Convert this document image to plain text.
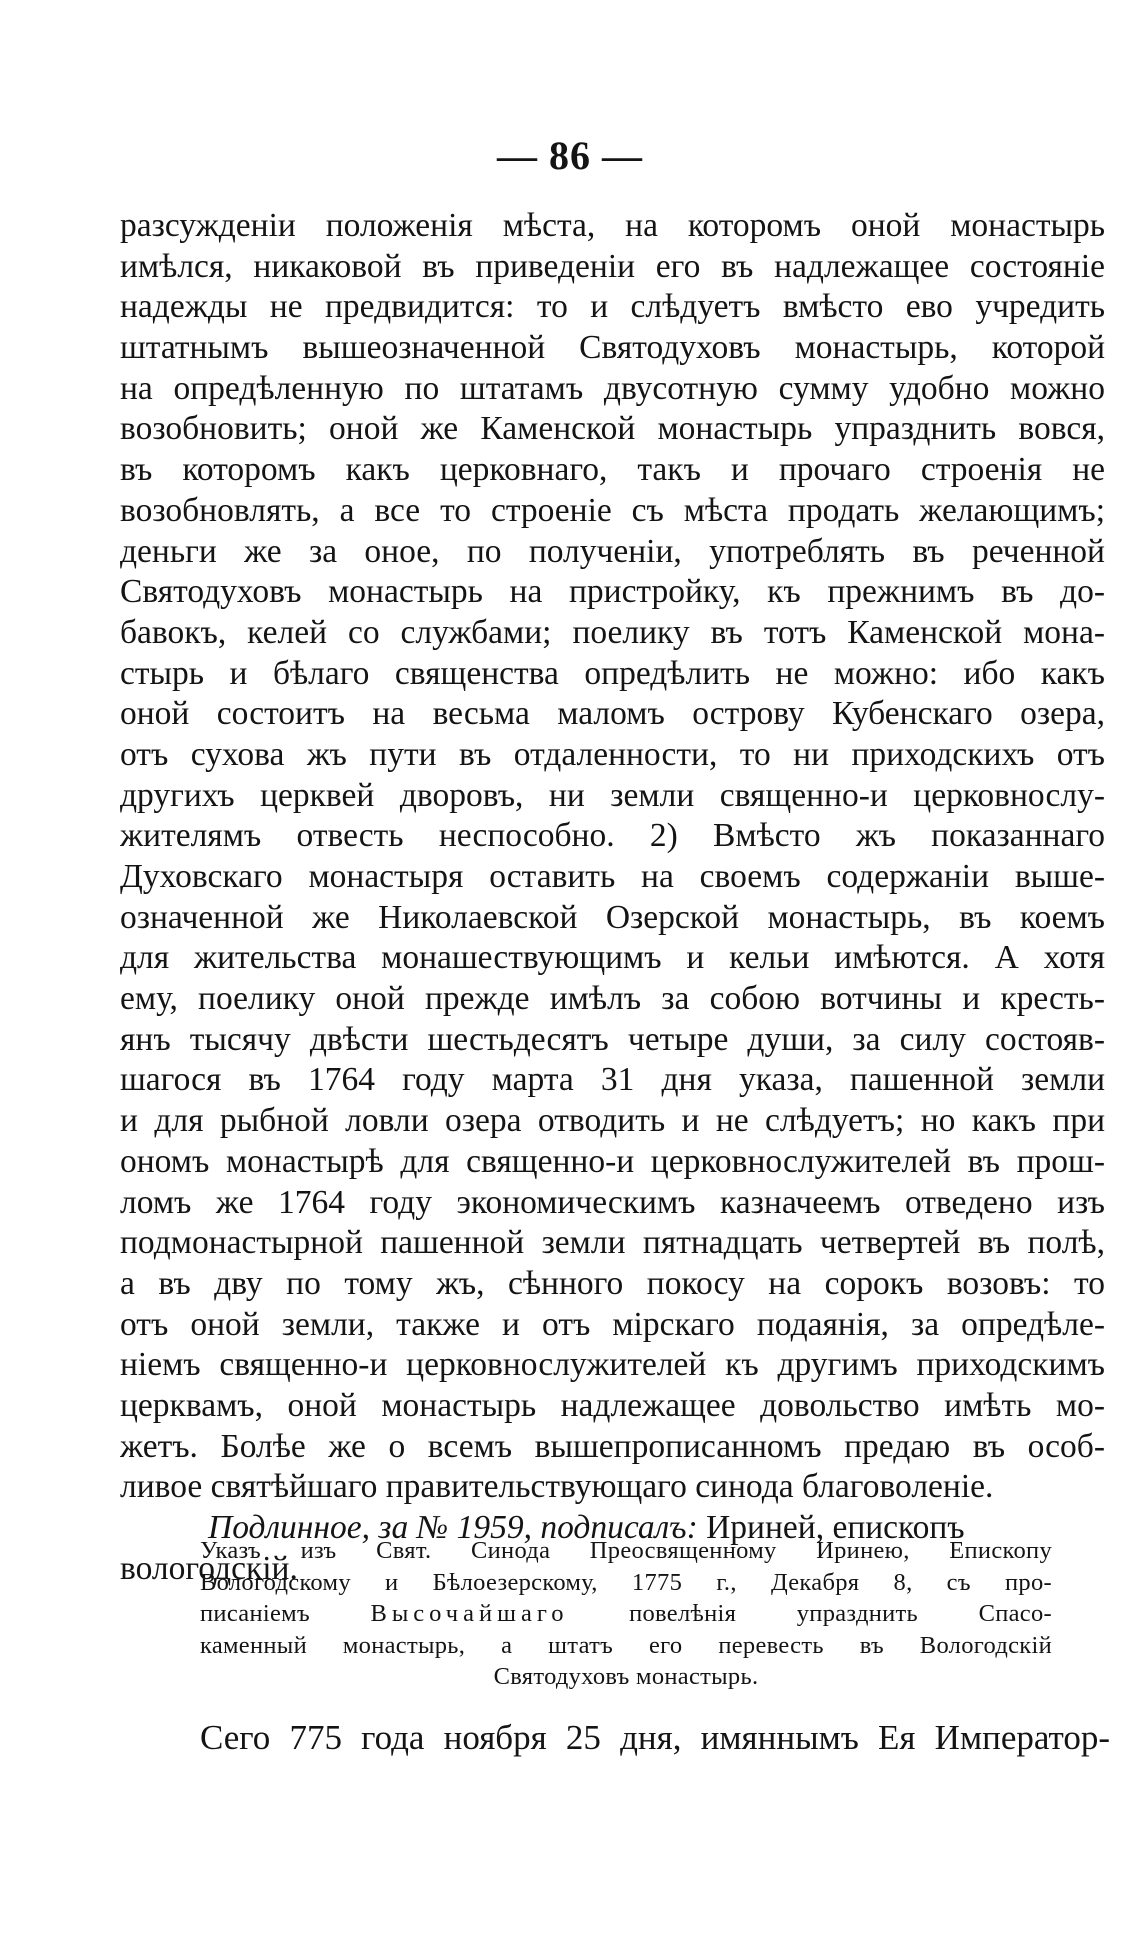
— 86 —
разсужденіи положенія мѣста, на которомъ оной монастырь
имѣлся, никаковой въ приведеніи его въ надлежащее состояніе
надежды не предвидится: то и слѣдуетъ вмѣсто ево учредить
штатнымъ вышеозначенной Святодуховъ монастырь, которой
на опредѣленную по штатамъ двусотную сумму удобно можно
возобновить; оной же Каменской монастырь упразднить вовся,
въ которомъ какъ церковнаго, такъ и прочаго строенія не
возобновлять, а все то строеніе съ мѣста продать желающимъ;
деньги же за оное, по полученіи, употреблять въ реченной
Святодуховъ монастырь на пристройку, къ прежнимъ въ до-
бавокъ, келей со службами; поелику въ тотъ Каменской мона-
стырь и бѣлаго священства опредѣлить не можно: ибо какъ
оной состоитъ на весьма маломъ острову Кубенскаго озера,
отъ сухова жъ пути въ отдаленности, то ни приходскихъ отъ
другихъ церквей дворовъ, ни земли священно-и церковнослу-
жителямъ отвесть неспособно. 2) Вмѣсто жъ показаннаго
Духовскаго монастыря оставить на своемъ содержаніи выше-
означенной же Николаевской Озерской монастырь, въ коемъ
для жительства монашествующимъ и кельи имѣются. А хотя
ему, поелику оной прежде имѣлъ за собою вотчины и кресть-
янъ тысячу двѣсти шестьдесятъ четыре души, за силу состояв-
шагося въ 1764 году марта 31 дня указа, пашенной земли
и для рыбной ловли озера отводить и не слѣдуетъ; но какъ при
ономъ монастырѣ для священно-и церковнослужителей въ прош-
ломъ же 1764 году экономическимъ казначеемъ отведено изъ
подмонастырной пашенной земли пятнадцать четвертей въ полѣ,
а въ дву по тому жъ, сѣнного покосу на сорокъ возовъ: то
отъ оной земли, также и отъ мірскаго подаянія, за опредѣле-
ніемъ священно-и церковнослужителей къ другимъ приходскимъ
церквамъ, оной монастырь надлежащее довольство имѣть мо-
жетъ. Болѣе же о всемъ вышепрописанномъ предаю въ особ-
ливое святѣйшаго правительствующаго синода благоволеніе.
Подлинное, за № 1959, подписалъ: Ириней, епископъ
вологодскій.
Указъ изъ Свят. Синода Преосвященному Иринею, Епископу
Вологодскому и Бѣлоезерскому, 1775 г., Декабря 8, съ про-
писаніемъ Высочайшаго повелѣнія упразднить Спасо-
каменный монастырь, а штатъ его перевесть въ Вологодскій
Святодуховъ монастырь.
Сего 775 года ноября 25 дня, имяннымъ Ея Император-
